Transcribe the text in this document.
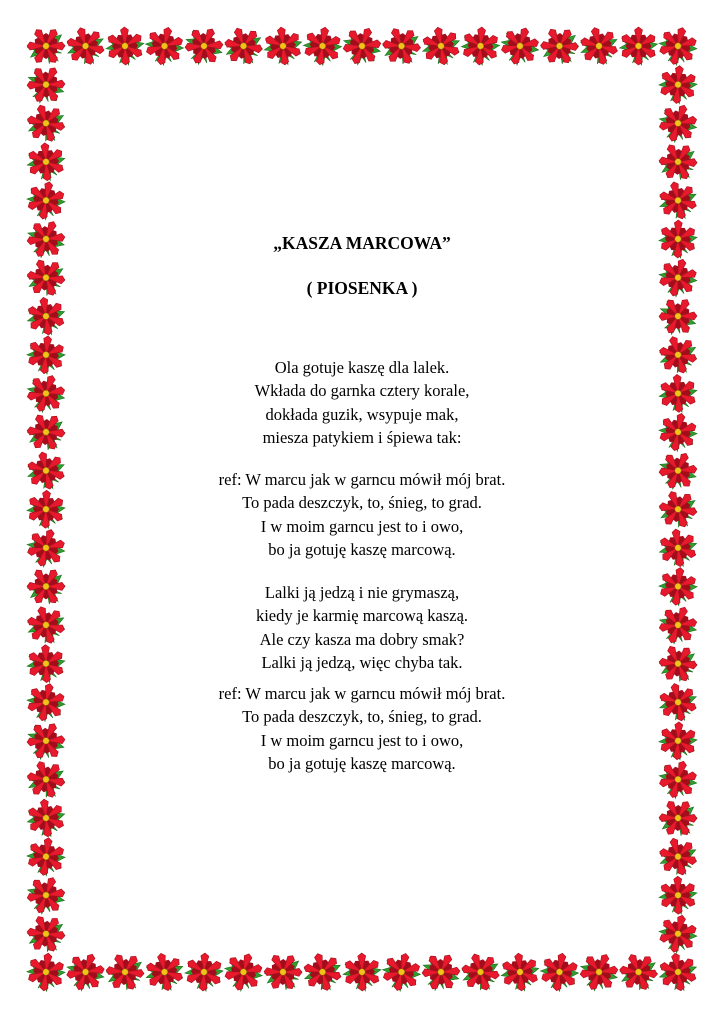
„KASZA MARCOWA”
( PIOSENKA )

Ola gotuje kaszę dla lalek.
Wkłada do garnka cztery korale,
dokłada guzik, wsypuje mak,
miesza patykiem i śpiewa tak:

ref: W marcu jak w garncu mówił mój brat.
To pada deszczyk, to, śnieg, to grad.
I w moim garncu jest to i owo,
bo ja gotuję kaszę marcową.

Lalki ją jedzą i nie grymaszą,
kiedy je karmię marcową kaszą.
Ale czy kasza ma dobry smak?
Lalki ją jedzą, więc chyba tak.

ref: W marcu jak w garncu mówił mój brat.
To pada deszczyk, to, śnieg, to grad.
I w moim garncu jest to i owo,
bo ja gotuję kaszę marcową.
